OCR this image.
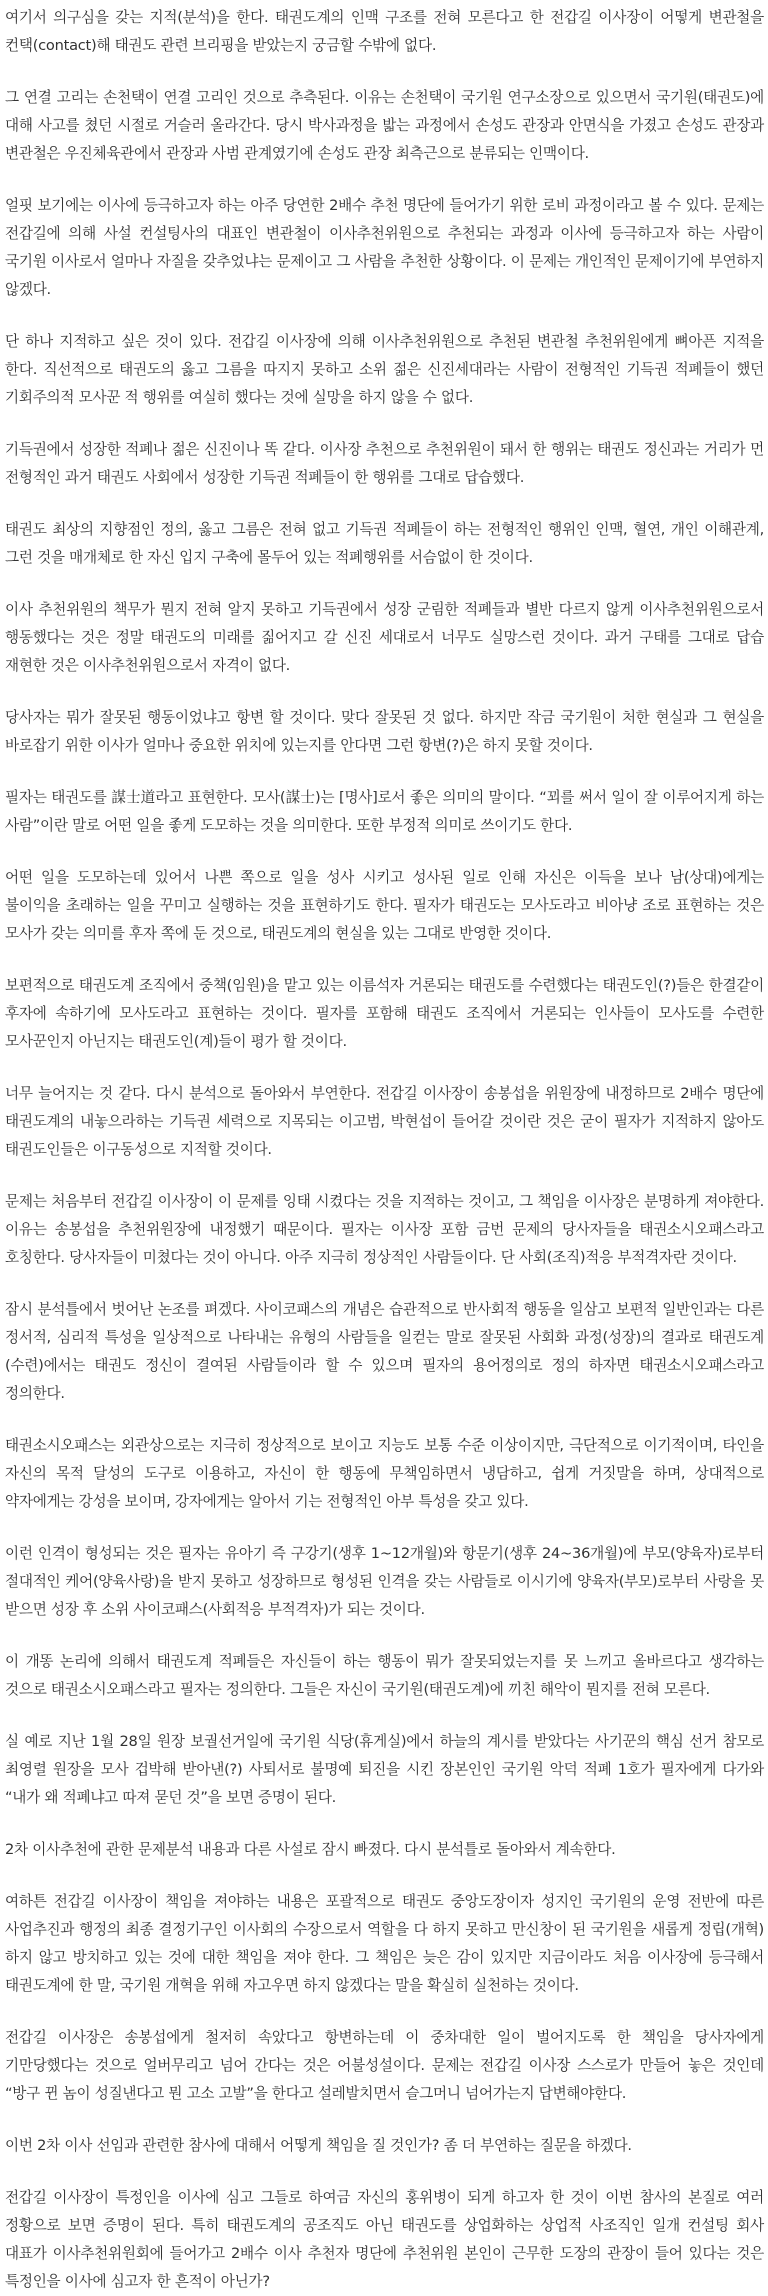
여기서 의구심을 갖는 지적(분석)을 한다. 태권도계의 인맥 구조를 전혀 모른다고 한 전갑길 이사장이 어떻게 변관철을 컨택(contact)해 태권도 관련 브리핑을 받았는지 궁금할 수밖에 없다.

그 연결 고리는 손천택이 연결 고리인 것으로 추측된다. 이유는 손천택이 국기원 연구소장으로 있으면서 국기원(태권도)에 대해 사고를 쳤던 시절로 거슬러 올라간다. 당시 박사과정을 밟는 과정에서 손성도 관장과 안면식을 가졌고 손성도 관장과 변관철은 우진체육관에서 관장과 사범 관계였기에 손성도 관장 최측근으로 분류되는 인맥이다.

얼핏 보기에는 이사에 등극하고자 하는 아주 당연한 2배수 추천 명단에 들어가기 위한 로비 과정이라고 볼 수 있다. 문제는 전갑길에 의해 사설 컨설팅사의 대표인 변관철이 이사추천위원으로 추천되는 과정과 이사에 등극하고자 하는 사람이 국기원 이사로서 얼마나 자질을 갖추었냐는 문제이고 그 사람을 추천한 상황이다. 이 문제는 개인적인 문제이기에 부연하지 않겠다.

단 하나 지적하고 싶은 것이 있다. 전갑길 이사장에 의해 이사추천위원으로 추천된 변관철 추천위원에게 뼈아픈 지적을 한다. 직선적으로 태권도의 옳고 그름을 따지지 못하고 소위 젊은 신진세대라는 사람이 전형적인 기득권 적폐들이 했던 기회주의적 모사꾼 적 행위를 여실히 했다는 것에 실망을 하지 않을 수 없다.

기득권에서 성장한 적폐나 젊은 신진이나 똑 같다. 이사장 추천으로 추천위원이 돼서 한 행위는 태권도 정신과는 거리가 먼 전형적인 과거 태권도 사회에서 성장한 기득권 적폐들이 한 행위를 그대로 답습했다.

태권도 최상의 지향점인 정의, 옳고 그름은 전혀 없고 기득권 적폐들이 하는 전형적인 행위인 인맥, 혈연, 개인 이해관계, 그런 것을 매개체로 한 자신 입지 구축에 몰두어 있는 적폐행위를 서슴없이 한 것이다.

이사 추천위원의 책무가 뭔지 전혀 알지 못하고 기득권에서 성장 군림한 적폐들과 별반 다르지 않게 이사추천위원으로서 행동했다는 것은 정말 태권도의 미래를 짊어지고 갈 신진 세대로서 너무도 실망스런 것이다. 과거 구태를 그대로 답습 재현한 것은 이사추천위원으로서 자격이 없다.

당사자는 뭐가 잘못된 행동이었냐고 항변 할 것이다. 맞다 잘못된 것 없다. 하지만 작금 국기원이 처한 현실과 그 현실을 바로잡기 위한 이사가 얼마나 중요한 위치에 있는지를 안다면 그런 항변(?)은 하지 못할 것이다.

필자는 태권도를 謀士道라고 표현한다. 모사(謀士)는 [명사]로서 좋은 의미의 말이다. “꾀를 써서 일이 잘 이루어지게 하는 사람”이란 말로 어떤 일을 좋게 도모하는 것을 의미한다. 또한 부정적 의미로 쓰이기도 한다.

어떤 일을 도모하는데 있어서 나쁜 쪽으로 일을 성사 시키고 성사된 일로 인해 자신은 이득을 보나 남(상대)에게는 불이익을 초래하는 일을 꾸미고 실행하는 것을 표현하기도 한다. 필자가 태권도는 모사도라고 비아냥 조로 표현하는 것은 모사가 갖는 의미를 후자 쪽에 둔 것으로, 태권도계의 현실을 있는 그대로 반영한 것이다.

보편적으로 태권도계 조직에서 중책(임원)을 맡고 있는 이름석자 거론되는 태권도를 수련했다는 태권도인(?)들은 한결같이 후자에 속하기에 모사도라고 표현하는 것이다. 필자를 포함해 태권도 조직에서 거론되는 인사들이 모사도를 수련한 모사꾼인지 아닌지는 태권도인(계)들이 평가 할 것이다.

너무 늘어지는 것 같다. 다시 분석으로 돌아와서 부연한다. 전갑길 이사장이 송봉섭을 위원장에 내정하므로 2배수 명단에 태권도계의 내놓으라하는 기득권 세력으로 지목되는 이고범, 박현섭이 들어갈 것이란 것은 굳이 필자가 지적하지 않아도 태권도인들은 이구동성으로 지적할 것이다.

문제는 처음부터 전갑길 이사장이 이 문제를 잉태 시켰다는 것을 지적하는 것이고, 그 책임을 이사장은 분명하게 져야한다. 이유는 송봉섭을 추천위원장에 내정했기 때문이다. 필자는 이사장 포함 금번 문제의 당사자들을 태권소시오패스라고 호칭한다. 당사자들이 미쳤다는 것이 아니다. 아주 지극히 정상적인 사람들이다. 단 사회(조직)적응 부적격자란 것이다.

잠시 분석틀에서 벗어난 논조를 펴겠다. 사이코패스의 개념은 습관적으로 반사회적 행동을 일삼고 보편적 일반인과는 다른 정서적, 심리적 특성을 일상적으로 나타내는 유형의 사람들을 일컫는 말로 잘못된 사회화 과정(성장)의 결과로 태권도계(수련)에서는 태권도 정신이 결여된 사람들이라 할 수 있으며 필자의 용어정의로 정의 하자면 태권소시오패스라고 정의한다.

태권소시오패스는 외관상으로는 지극히 정상적으로 보이고 지능도 보통 수준 이상이지만, 극단적으로 이기적이며, 타인을 자신의 목적 달성의 도구로 이용하고, 자신이 한 행동에 무책임하면서 냉담하고, 쉽게 거짓말을 하며, 상대적으로 약자에게는 강성을 보이며, 강자에게는 알아서 기는 전형적인 아부 특성을 갖고 있다.

이런 인격이 형성되는 것은 필자는 유아기 즉 구강기(생후 1~12개월)와 항문기(생후 24~36개월)에 부모(양육자)로부터 절대적인 케어(양육사랑)을 받지 못하고 성장하므로 형성된 인격을 갖는 사람들로 이시기에 양육자(부모)로부터 사랑을 못 받으면 성장 후 소위 사이코패스(사회적응 부적격자)가 되는 것이다.

이 개똥 논리에 의해서 태권도계 적폐들은 자신들이 하는 행동이 뭐가 잘못되었는지를 못 느끼고 올바르다고 생각하는 것으로 태권소시오패스라고 필자는 정의한다. 그들은 자신이 국기원(태권도계)에 끼친 해악이 뭔지를 전혀 모른다.

실 예로 지난 1월 28일 원장 보궐선거일에 국기원 식당(휴게실)에서 하늘의 계시를 받았다는 사기꾼의 핵심 선거 참모로 최영렬 원장을 모사 겁박해 받아낸(?) 사퇴서로 불명예 퇴진을 시킨 장본인인 국기원 악덕 적폐 1호가 필자에게 다가와 “내가 왜 적폐냐고 따져 묻던 것”을 보면 증명이 된다.

2차 이사추천에 관한 문제분석 내용과 다른 사설로 잠시 빠졌다. 다시 분석틀로 돌아와서 계속한다.

여하튼 전갑길 이사장이 책임을 져야하는 내용은 포괄적으로 태권도 중앙도장이자 성지인 국기원의 운영 전반에 따른 사업추진과 행정의 최종 결정기구인 이사회의 수장으로서 역할을 다 하지 못하고 만신창이 된 국기원을 새롭게 정립(개혁)하지 않고 방치하고 있는 것에 대한 책임을 져야 한다. 그 책임은 늦은 감이 있지만 지금이라도 처음 이사장에 등극해서 태권도계에 한 말, 국기원 개혁을 위해 자고우면 하지 않겠다는 말을 확실히 실천하는 것이다.

전갑길 이사장은 송봉섭에게 철저히 속았다고 항변하는데 이 중차대한 일이 벌어지도록 한 책임을 당사자에게 기만당했다는 것으로 얼버무리고 넘어 간다는 것은 어불성설이다. 문제는 전갑길 이사장 스스로가 만들어 놓은 것인데 “방구 뀐 놈이 성질낸다고 뭔 고소 고발”을 한다고 설레발치면서 슬그머니 넘어가는지 답변해야한다.

이번 2차 이사 선임과 관련한 참사에 대해서 어떻게 책임을 질 것인가? 좀 더 부연하는 질문을 하겠다.

전갑길 이사장이 특정인을 이사에 심고 그들로 하여금 자신의 홍위병이 되게 하고자 한 것이 이번 참사의 본질로 여러 정황으로 보면 증명이 된다. 특히 태권도계의 공조직도 아닌 태권도를 상업화하는 상업적 사조직인 일개 컨설팅 회사 대표가 이사추천위원회에 들어가고 2배수 이사 추천자 명단에 추천위원 본인이 근무한 도장의 관장이 들어 있다는 것은 특정인을 이사에 심고자 한 흔적이 아닌가?
